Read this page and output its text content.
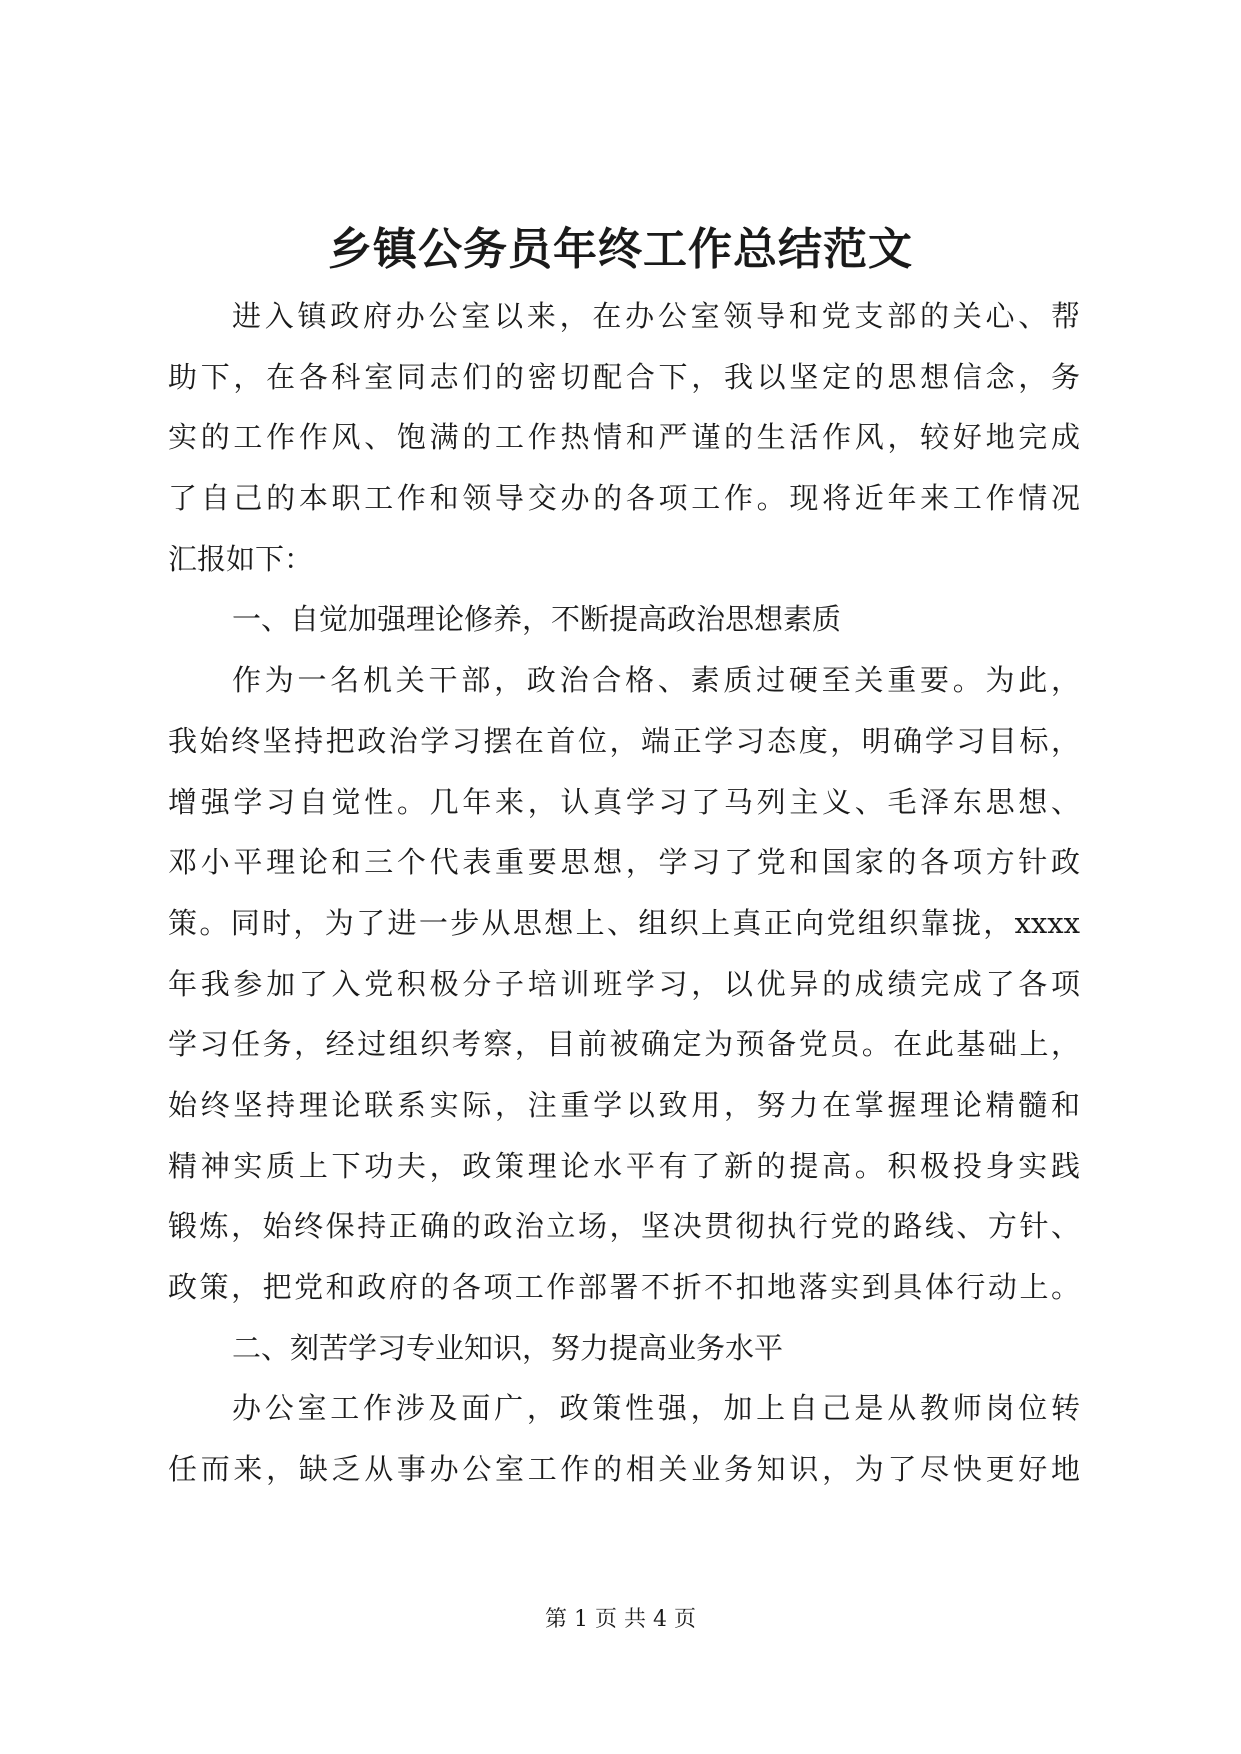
乡镇公务员年终工作总结范文
进入镇政府办公室以来，在办公室领导和党支部的关心、帮
助下，在各科室同志们的密切配合下，我以坚定的思想信念，务
实的工作作风、饱满的工作热情和严谨的生活作风，较好地完成
了自己的本职工作和领导交办的各项工作。现将近年来工作情况
汇报如下：
一、自觉加强理论修养，不断提高政治思想素质
作为一名机关干部，政治合格、素质过硬至关重要。为此，
我始终坚持把政治学习摆在首位，端正学习态度，明确学习目标，
增强学习自觉性。几年来，认真学习了马列主义、毛泽东思想、
邓小平理论和三个代表重要思想，学习了党和国家的各项方针政
策。同时，为了进一步从思想上、组织上真正向党组织靠拢，xxxx
年我参加了入党积极分子培训班学习，以优异的成绩完成了各项
学习任务，经过组织考察，目前被确定为预备党员。在此基础上，
始终坚持理论联系实际，注重学以致用，努力在掌握理论精髓和
精神实质上下功夫，政策理论水平有了新的提高。积极投身实践
锻炼，始终保持正确的政治立场，坚决贯彻执行党的路线、方针、
政策，把党和政府的各项工作部署不折不扣地落实到具体行动上。
二、刻苦学习专业知识，努力提高业务水平
办公室工作涉及面广，政策性强，加上自己是从教师岗位转
任而来，缺乏从事办公室工作的相关业务知识，为了尽快更好地
第 1 页 共 4 页
